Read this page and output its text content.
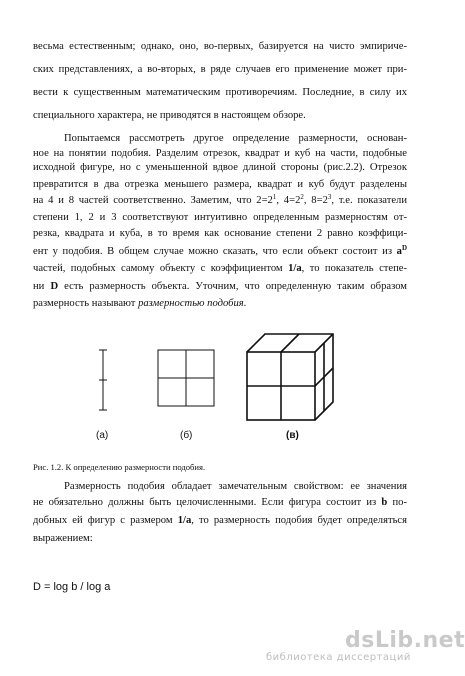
весьма естественным; однако, оно, во-первых, базируется на чисто эмпириче-
ских представлениях, а во-вторых, в ряде случаев его применение может при-
вести к существенным математическим противоречиям. Последние, в силу их
специального характера, не приводятся в настоящем обзоре.
Попытаемся рассмотреть другое определение размерности, основан-
ное на понятии подобия. Разделим отрезок, квадрат и куб на части, подобные
исходной фигуре, но с уменьшенной вдвое длиной стороны (рис.2.2). Отрезок
превратится в два отрезка меньшего размера, квадрат и куб будут разделены
на 4 и 8 частей соответственно. Заметим, что $2=2^1$, $4=2^2$, $8=2^3$, т.е. показатели
степени 1, 2 и 3 соответствуют интуитивно определенным размерностям от-
резка, квадрата и куба, в то время как основание степени 2 равно коэффици-
ент у подобия. В общем случае можно сказать, что если объект состоит из $a^D$
частей, подобных самому объекту с коэффициентом 1/a, то показатель степе-
ни D есть размерность объекта. Уточним, что определенную таким образом
размерность называют размерностью подобия.
(a)	(б)	(в)
Рис. 1.2. К определению размерности подобия.
Размерность подобия обладает замечательным свойством: ее значения
не обязательно должны быть целочисленными. Если фигура состоит из b по-
добных ей фигур с размером 1/a, то размерность подобия будет определяться
выражением:
D = log b / log a
dsLib.net
библиотека диссертаций
